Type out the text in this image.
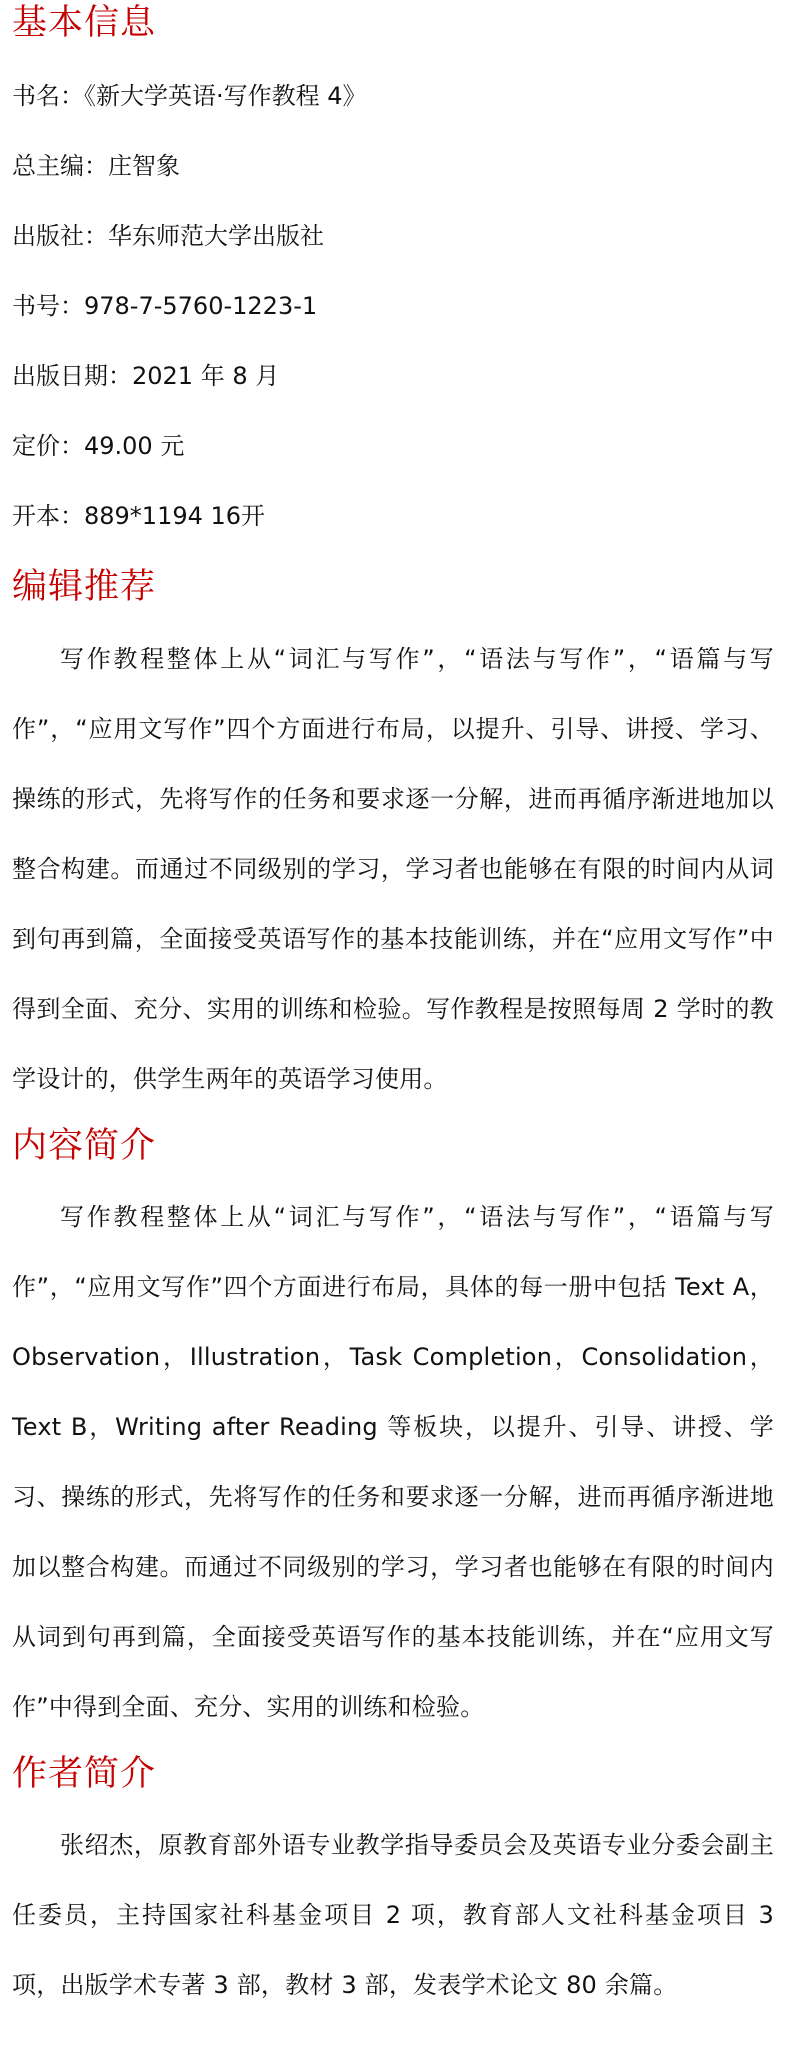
基本信息

书名：《新大学英语·写作教程 4》

总主编：庄智象

出版社：华东师范大学出版社

书号：978-7-5760-1223-1

出版日期：2021 年 8 月

定价：49.00 元

开本：889*1194 16开

编辑推荐

写作教程整体上从“词汇与写作”，“语法与写作”，“语篇与写作”，“应用文写作”四个方面进行布局，以提升、引导、讲授、学习、操练的形式，先将写作的任务和要求逐一分解，进而再循序渐进地加以整合构建。而通过不同级别的学习，学习者也能够在有限的时间内从词到句再到篇，全面接受英语写作的基本技能训练，并在“应用文写作”中得到全面、充分、实用的训练和检验。写作教程是按照每周 2 学时的教学设计的，供学生两年的英语学习使用。

内容简介

写作教程整体上从“词汇与写作”，“语法与写作”，“语篇与写作”，“应用文写作”四个方面进行布局，具体的每一册中包括 Text A，Observation，Illustration，Task Completion，Consolidation，Text B，Writing after Reading 等板块，以提升、引导、讲授、学习、操练的形式，先将写作的任务和要求逐一分解，进而再循序渐进地加以整合构建。而通过不同级别的学习，学习者也能够在有限的时间内从词到句再到篇，全面接受英语写作的基本技能训练，并在“应用文写作”中得到全面、充分、实用的训练和检验。

作者简介

张绍杰，原教育部外语专业教学指导委员会及英语专业分委会副主任委员，主持国家社科基金项目 2 项，教育部人文社科基金项目 3 项，出版学术专著 3 部，教材 3 部，发表学术论文 80 余篇。
